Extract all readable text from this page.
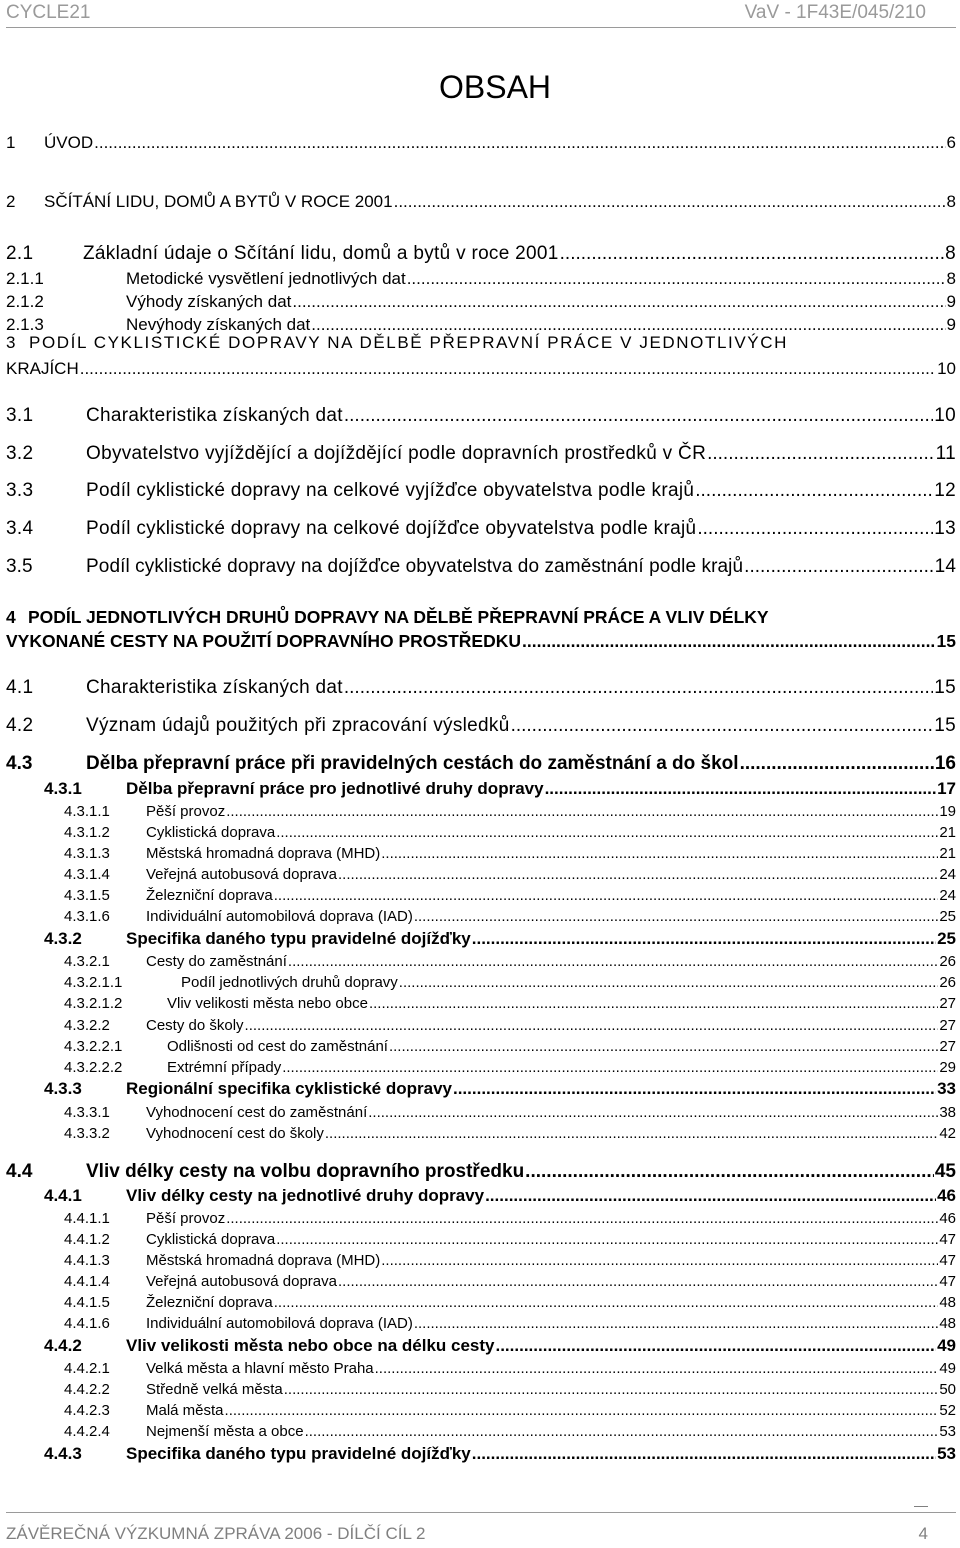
CYCLE21	VaV - 1F43E/045/210
OBSAH
1	ÚVOD .....	6
2	SČÍTÁNÍ LIDU, DOMŮ A BYTŮ V ROCE 2001 .....	8
2.1	Základní údaje o Sčítání lidu, domů a bytů v roce 2001 .....	8
2.1.1	Metodické vysvětlení jednotlivých dat .....	8
2.1.2	Výhody získaných dat .....	9
2.1.3	Nevýhody získaných dat .....	9
3 PODÍL CYKLISTICKÉ DOPRAVY NA DĚLBĚ PŘEPRAVNÍ PRÁCE V JEDNOTLIVÝCH
KRAJÍCH .....	10
3.1	Charakteristika získaných dat .....	10
3.2	Obyvatelstvo vyjíždějící a dojíždějící podle dopravních prostředků v ČR .....	11
3.3	Podíl cyklistické dopravy na celkové vyjížďce obyvatelstva podle krajů .....	12
3.4	Podíl cyklistické dopravy na celkové dojížďce obyvatelstva podle krajů .....	13
3.5	Podíl cyklistické dopravy na dojížďce obyvatelstva do zaměstnání podle krajů .....	14
4 PODÍL JEDNOTLIVÝCH DRUHŮ DOPRAVY NA DĚLBĚ PŘEPRAVNÍ PRÁCE A VLIV DÉLKY
VYKONANÉ CESTY NA POUŽITÍ DOPRAVNÍHO PROSTŘEDKU .....	15
4.1	Charakteristika získaných dat .....	15
4.2	Význam údajů použitých při zpracování výsledků .....	15
4.3	Dělba přepravní práce při pravidelných cestách do zaměstnání a do škol .....	16
4.3.1	Dělba přepravní práce pro jednotlivé druhy dopravy .....	17
4.3.1.1	Pěší provoz .....	19
4.3.1.2	Cyklistická doprava .....	21
4.3.1.3	Městská hromadná doprava (MHD) .....	21
4.3.1.4	Veřejná autobusová doprava .....	24
4.3.1.5	Železniční doprava .....	24
4.3.1.6	Individuální automobilová doprava (IAD) .....	25
4.3.2	Specifika daného typu pravidelné dojížďky .....	25
4.3.2.1	Cesty do zaměstnání .....	26
4.3.2.1.1	Podíl jednotlivých druhů dopravy .....	26
4.3.2.1.2	Vliv velikosti města nebo obce .....	27
4.3.2.2	Cesty do školy .....	27
4.3.2.2.1	Odlišnosti od cest do zaměstnání .....	27
4.3.2.2.2	Extrémní případy .....	29
4.3.3	Regionální specifika cyklistické dopravy .....	33
4.3.3.1	Vyhodnocení cest do zaměstnání .....	38
4.3.3.2	Vyhodnocení cest do školy .....	42
4.4	Vliv délky cesty na volbu dopravního prostředku .....	45
4.4.1	Vliv délky cesty na jednotlivé druhy dopravy .....	46
4.4.1.1	Pěší provoz .....	46
4.4.1.2	Cyklistická doprava .....	47
4.4.1.3	Městská hromadná doprava (MHD) .....	47
4.4.1.4	Veřejná autobusová doprava .....	47
4.4.1.5	Železniční doprava .....	48
4.4.1.6	Individuální automobilová doprava (IAD) .....	48
4.4.2	Vliv velikosti města nebo obce na délku cesty .....	49
4.4.2.1	Velká města a hlavní město Praha .....	49
4.4.2.2	Středně velká města .....	50
4.4.2.3	Malá města .....	52
4.4.2.4	Nejmenší města a obce .....	53
4.4.3	Specifika daného typu pravidelné dojížďky .....	53
ZÁVĚREČNÁ VÝZKUMNÁ ZPRÁVA 2006 - DÍLČÍ CÍL 2	4
